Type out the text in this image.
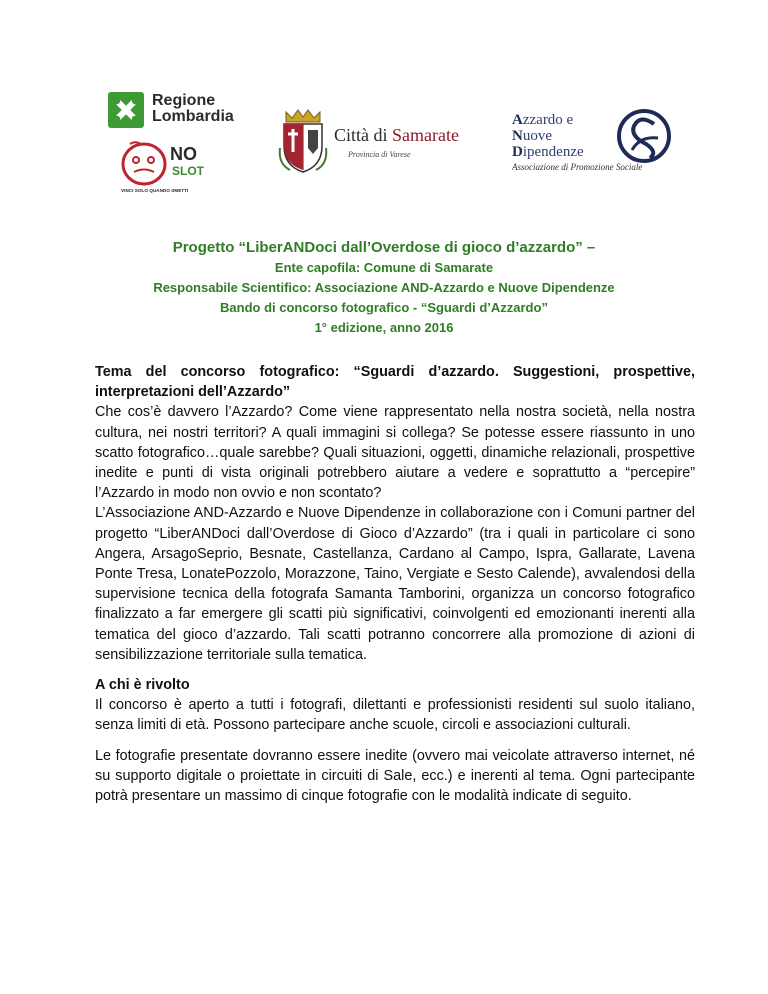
Regione
Lombardia
NO
SLOT
VINCI SOLO QUANDO SMETTI
Città di Samarate
Provincia di Varese
Azzardo e
Nuove
Dipendenze
Associazione di Promozione Sociale
Progetto “LiberANDoci dall’Overdose di gioco d’azzardo” –
Ente capofila: Comune di Samarate
Responsabile Scientifico: Associazione AND-Azzardo e Nuove Dipendenze
Bando di concorso fotografico - “Sguardi d’Azzardo”
1° edizione, anno 2016

Tema del concorso fotografico: “Sguardi d’azzardo. Suggestioni, prospettive, interpretazioni dell’Azzardo”

Che cos’è davvero l’Azzardo? Come viene rappresentato nella nostra società, nella nostra cultura, nei nostri territori? A quali immagini si collega? Se potesse essere riassunto in uno scatto fotografico…quale sarebbe? Quali situazioni, oggetti, dinamiche relazionali, prospettive inedite e punti di vista originali potrebbero aiutare a vedere e soprattutto a “percepire” l’Azzardo in modo non ovvio e non scontato?

L’Associazione AND-Azzardo e Nuove Dipendenze in collaborazione con i Comuni partner del progetto “LiberANDoci dall’Overdose di Gioco d’Azzardo” (tra i quali in particolare ci sono Angera, ArsagoSeprio, Besnate, Castellanza, Cardano al Campo, Ispra, Gallarate, Lavena Ponte Tresa, LonatePozzolo, Morazzone, Taino, Vergiate e Sesto Calende), avvalendosi della supervisione tecnica della fotografa Samanta Tamborini, organizza un concorso fotografico finalizzato a far emergere gli scatti più significativi, coinvolgenti ed emozionanti inerenti alla tematica del gioco d’azzardo. Tali scatti potranno concorrere alla promozione di azioni di sensibilizzazione territoriale sulla tematica.

A chi è rivolto

Il concorso è aperto a tutti i fotografi, dilettanti e professionisti residenti sul suolo italiano, senza limiti di età. Possono partecipare anche scuole, circoli e associazioni culturali.

Le fotografie presentate dovranno essere inedite (ovvero mai veicolate attraverso internet, né su supporto digitale o proiettate in circuiti di Sale, ecc.) e inerenti al tema. Ogni partecipante potrà presentare un massimo di cinque fotografie con le modalità indicate di seguito.
